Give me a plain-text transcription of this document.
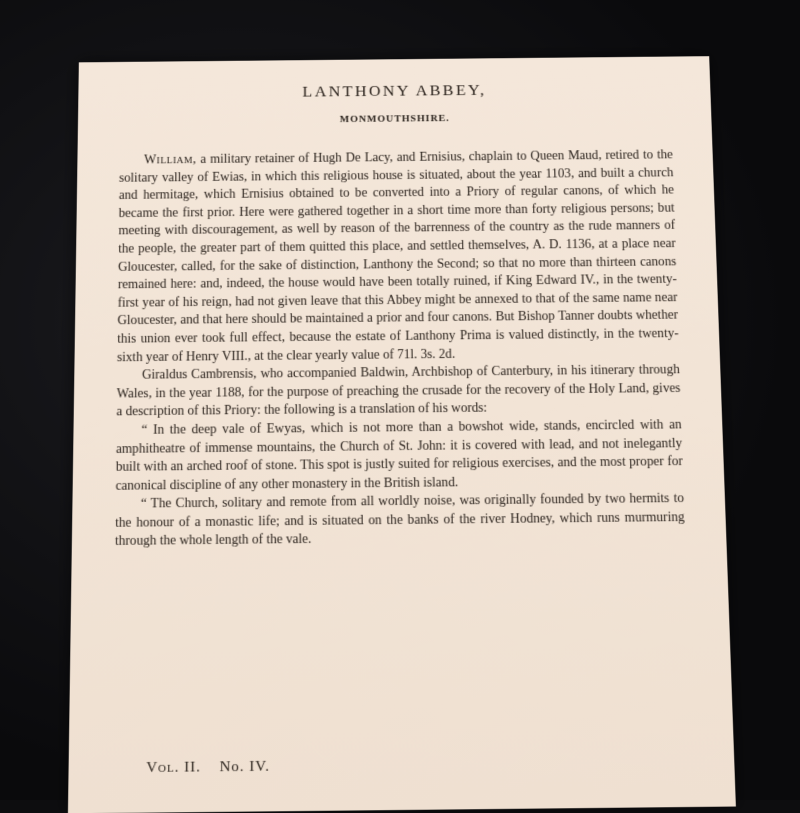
LANTHONY ABBEY,
MONMOUTHSHIRE.

William, a military retainer of Hugh De Lacy, and Ernisius, chaplain to Queen Maud, retired to the solitary valley of Ewias, in which this religious house is situated, about the year 1103, and built a church and hermitage, which Ernisius obtained to be converted into a Priory of regular canons, of which he became the first prior. Here were gathered together in a short time more than forty religious persons; but meeting with discouragement, as well by reason of the barrenness of the country as the rude manners of the people, the greater part of them quitted this place, and settled themselves, A. D. 1136, at a place near Gloucester, called, for the sake of distinction, Lanthony the Second; so that no more than thirteen canons remained here: and, indeed, the house would have been totally ruined, if King Edward IV., in the twenty-first year of his reign, had not given leave that this Abbey might be annexed to that of the same name near Gloucester, and that here should be maintained a prior and four canons. But Bishop Tanner doubts whether this union ever took full effect, because the estate of Lanthony Prima is valued distinctly, in the twenty-sixth year of Henry VIII., at the clear yearly value of 71l. 3s. 2d.

Giraldus Cambrensis, who accompanied Baldwin, Archbishop of Canterbury, in his itinerary through Wales, in the year 1188, for the purpose of preaching the crusade for the recovery of the Holy Land, gives a description of this Priory: the following is a translation of his words:

“ In the deep vale of Ewyas, which is not more than a bowshot wide, stands, encircled with an amphitheatre of immense mountains, the Church of St. John: it is covered with lead, and not inelegantly built with an arched roof of stone. This spot is justly suited for religious exercises, and the most proper for canonical discipline of any other monastery in the British island.

“ The Church, solitary and remote from all worldly noise, was originally founded by two hermits to the honour of a monastic life; and is situated on the banks of the river Hodney, which runs murmuring through the whole length of the vale.

Vol. II. No. IV.
